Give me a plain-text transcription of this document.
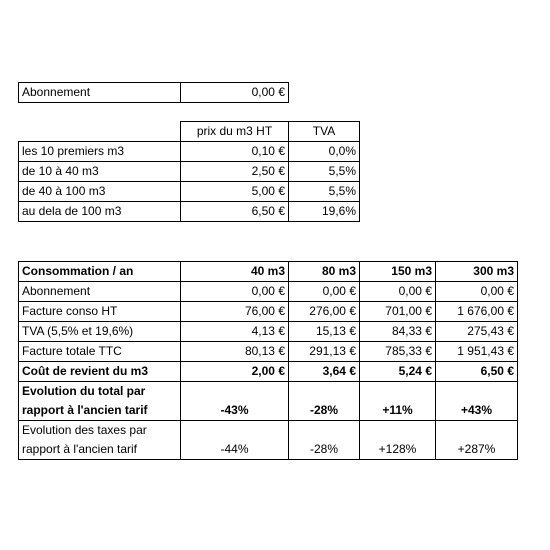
Abonnement	0,00 €
	prix du m3 HT	TVA
les 10 premiers m3	0,10 €	0,0%
de 10 à 40 m3	2,50 €	5,5%
de 40 à 100 m3	5,00 €	5,5%
au dela de 100 m3	6,50 €	19,6%
Consommation / an	40 m3	80 m3	150 m3	300 m3
Abonnement	0,00 €	0,00 €	0,00 €	0,00 €
Facture conso HT	76,00 €	276,00 €	701,00 €	1 676,00 €
TVA (5,5% et 19,6%)	4,13 €	15,13 €	84,33 €	275,43 €
Facture totale TTC	80,13 €	291,13 €	785,33 €	1 951,43 €
Coût de revient du m3	2,00 €	3,64 €	5,24 €	6,50 €
Evolution du total par rapport à l'ancien tarif	-43%	-28%	+11%	+43%
Evolution des taxes par rapport à l'ancien tarif	-44%	-28%	+128%	+287%
